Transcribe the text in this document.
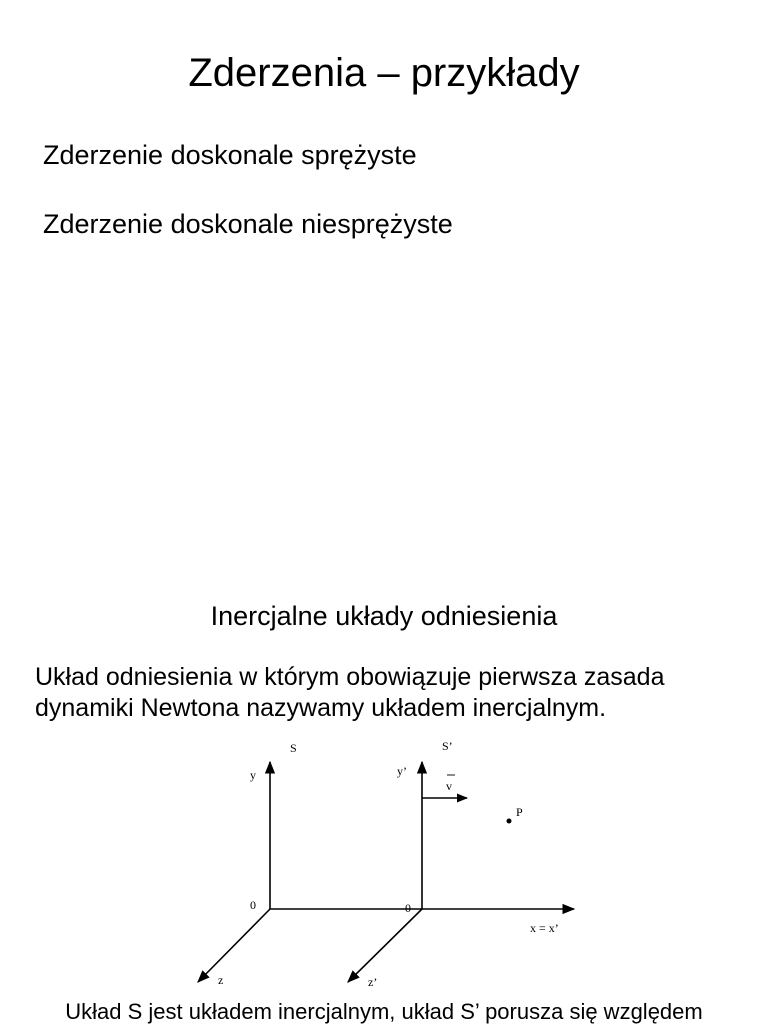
Zderzenia – przykłady
Zderzenie doskonale sprężyste
Zderzenie doskonale niesprężyste
Inercjalne układy odniesienia
Układ odniesienia w którym obowiązuje pierwsza zasada
dynamiki Newtona nazywamy układem inercjalnym.
S	S’
y	y’
v
P
0	0
x = x’
z	z’
Układ S jest układem inercjalnym, układ S’ porusza się względem
